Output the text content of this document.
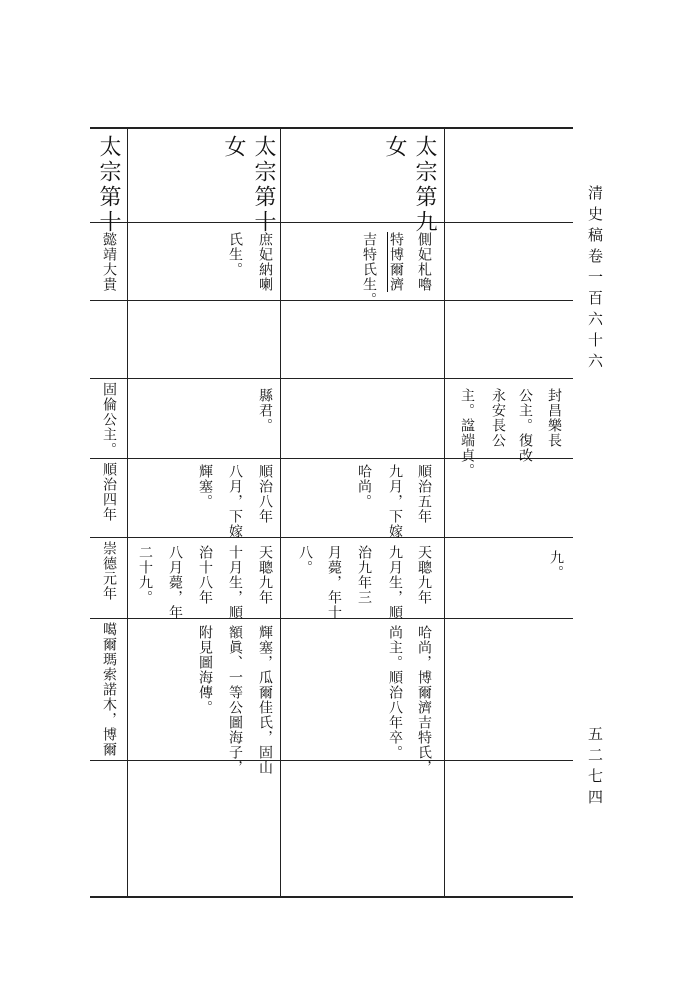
清史稿卷一百六十六
五二七四
封昌樂長
公主。復改
永安長公
主。諡端貞。
九。
太宗第九
女
側妃札嚕
特博爾濟
吉特氏生。
順治五年
九月，下嫁
哈尚。
天聰九年
九月生，順
治九年三
月薨，年十
八。
哈尚，博爾濟吉特氏，
尚主。順治八年卒。
太宗第十
女
庶妃納喇
氏生。
縣君。
順治八年
八月，下嫁
輝塞。
天聰九年
十月生，順
治十八年
八月薨，年
二十九。
輝塞，瓜爾佳氏，固山
額眞、一等公圖海子，
附見圖海傳。
太宗第十
懿靖大貴
固倫公主。
順治四年
崇德元年
噶爾瑪索諾木，博爾
